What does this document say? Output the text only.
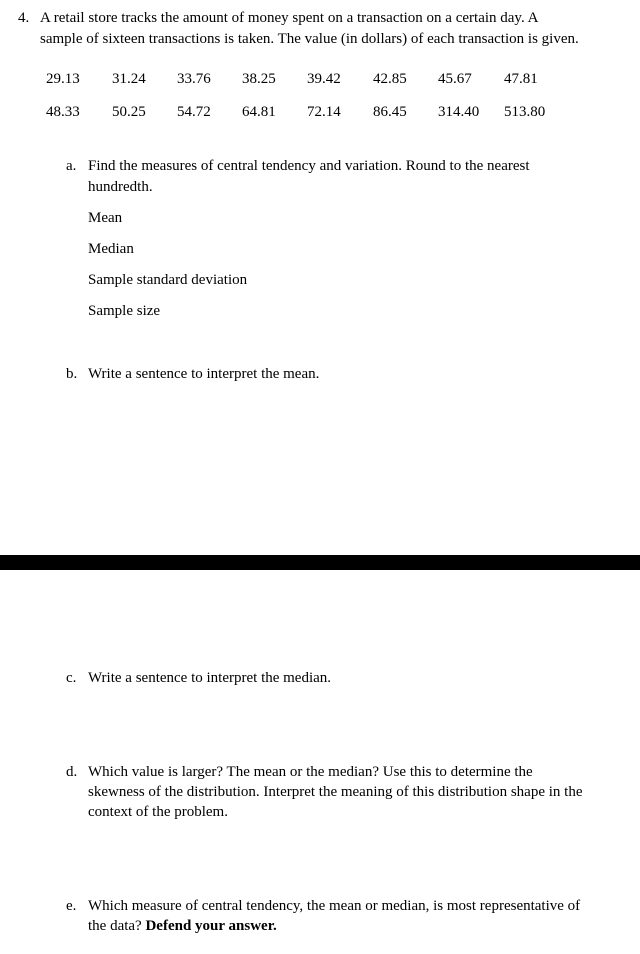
4. A retail store tracks the amount of money spent on a transaction on a certain day. A
sample of sixteen transactions is taken. The value (in dollars) of each transaction is given.
29.13 31.24 33.76 38.25 39.42 42.85 45.67 47.81
48.33 50.25 54.72 64.81 72.14 86.45 314.40 513.80
a. Find the measures of central tendency and variation. Round to the nearest
hundredth.
Mean
Median
Sample standard deviation
Sample size
b. Write a sentence to interpret the mean.
c. Write a sentence to interpret the median.
d. Which value is larger? The mean or the median? Use this to determine the
skewness of the distribution. Interpret the meaning of this distribution shape in the
context of the problem.
e. Which measure of central tendency, the mean or median, is most representative of
the data? Defend your answer.
